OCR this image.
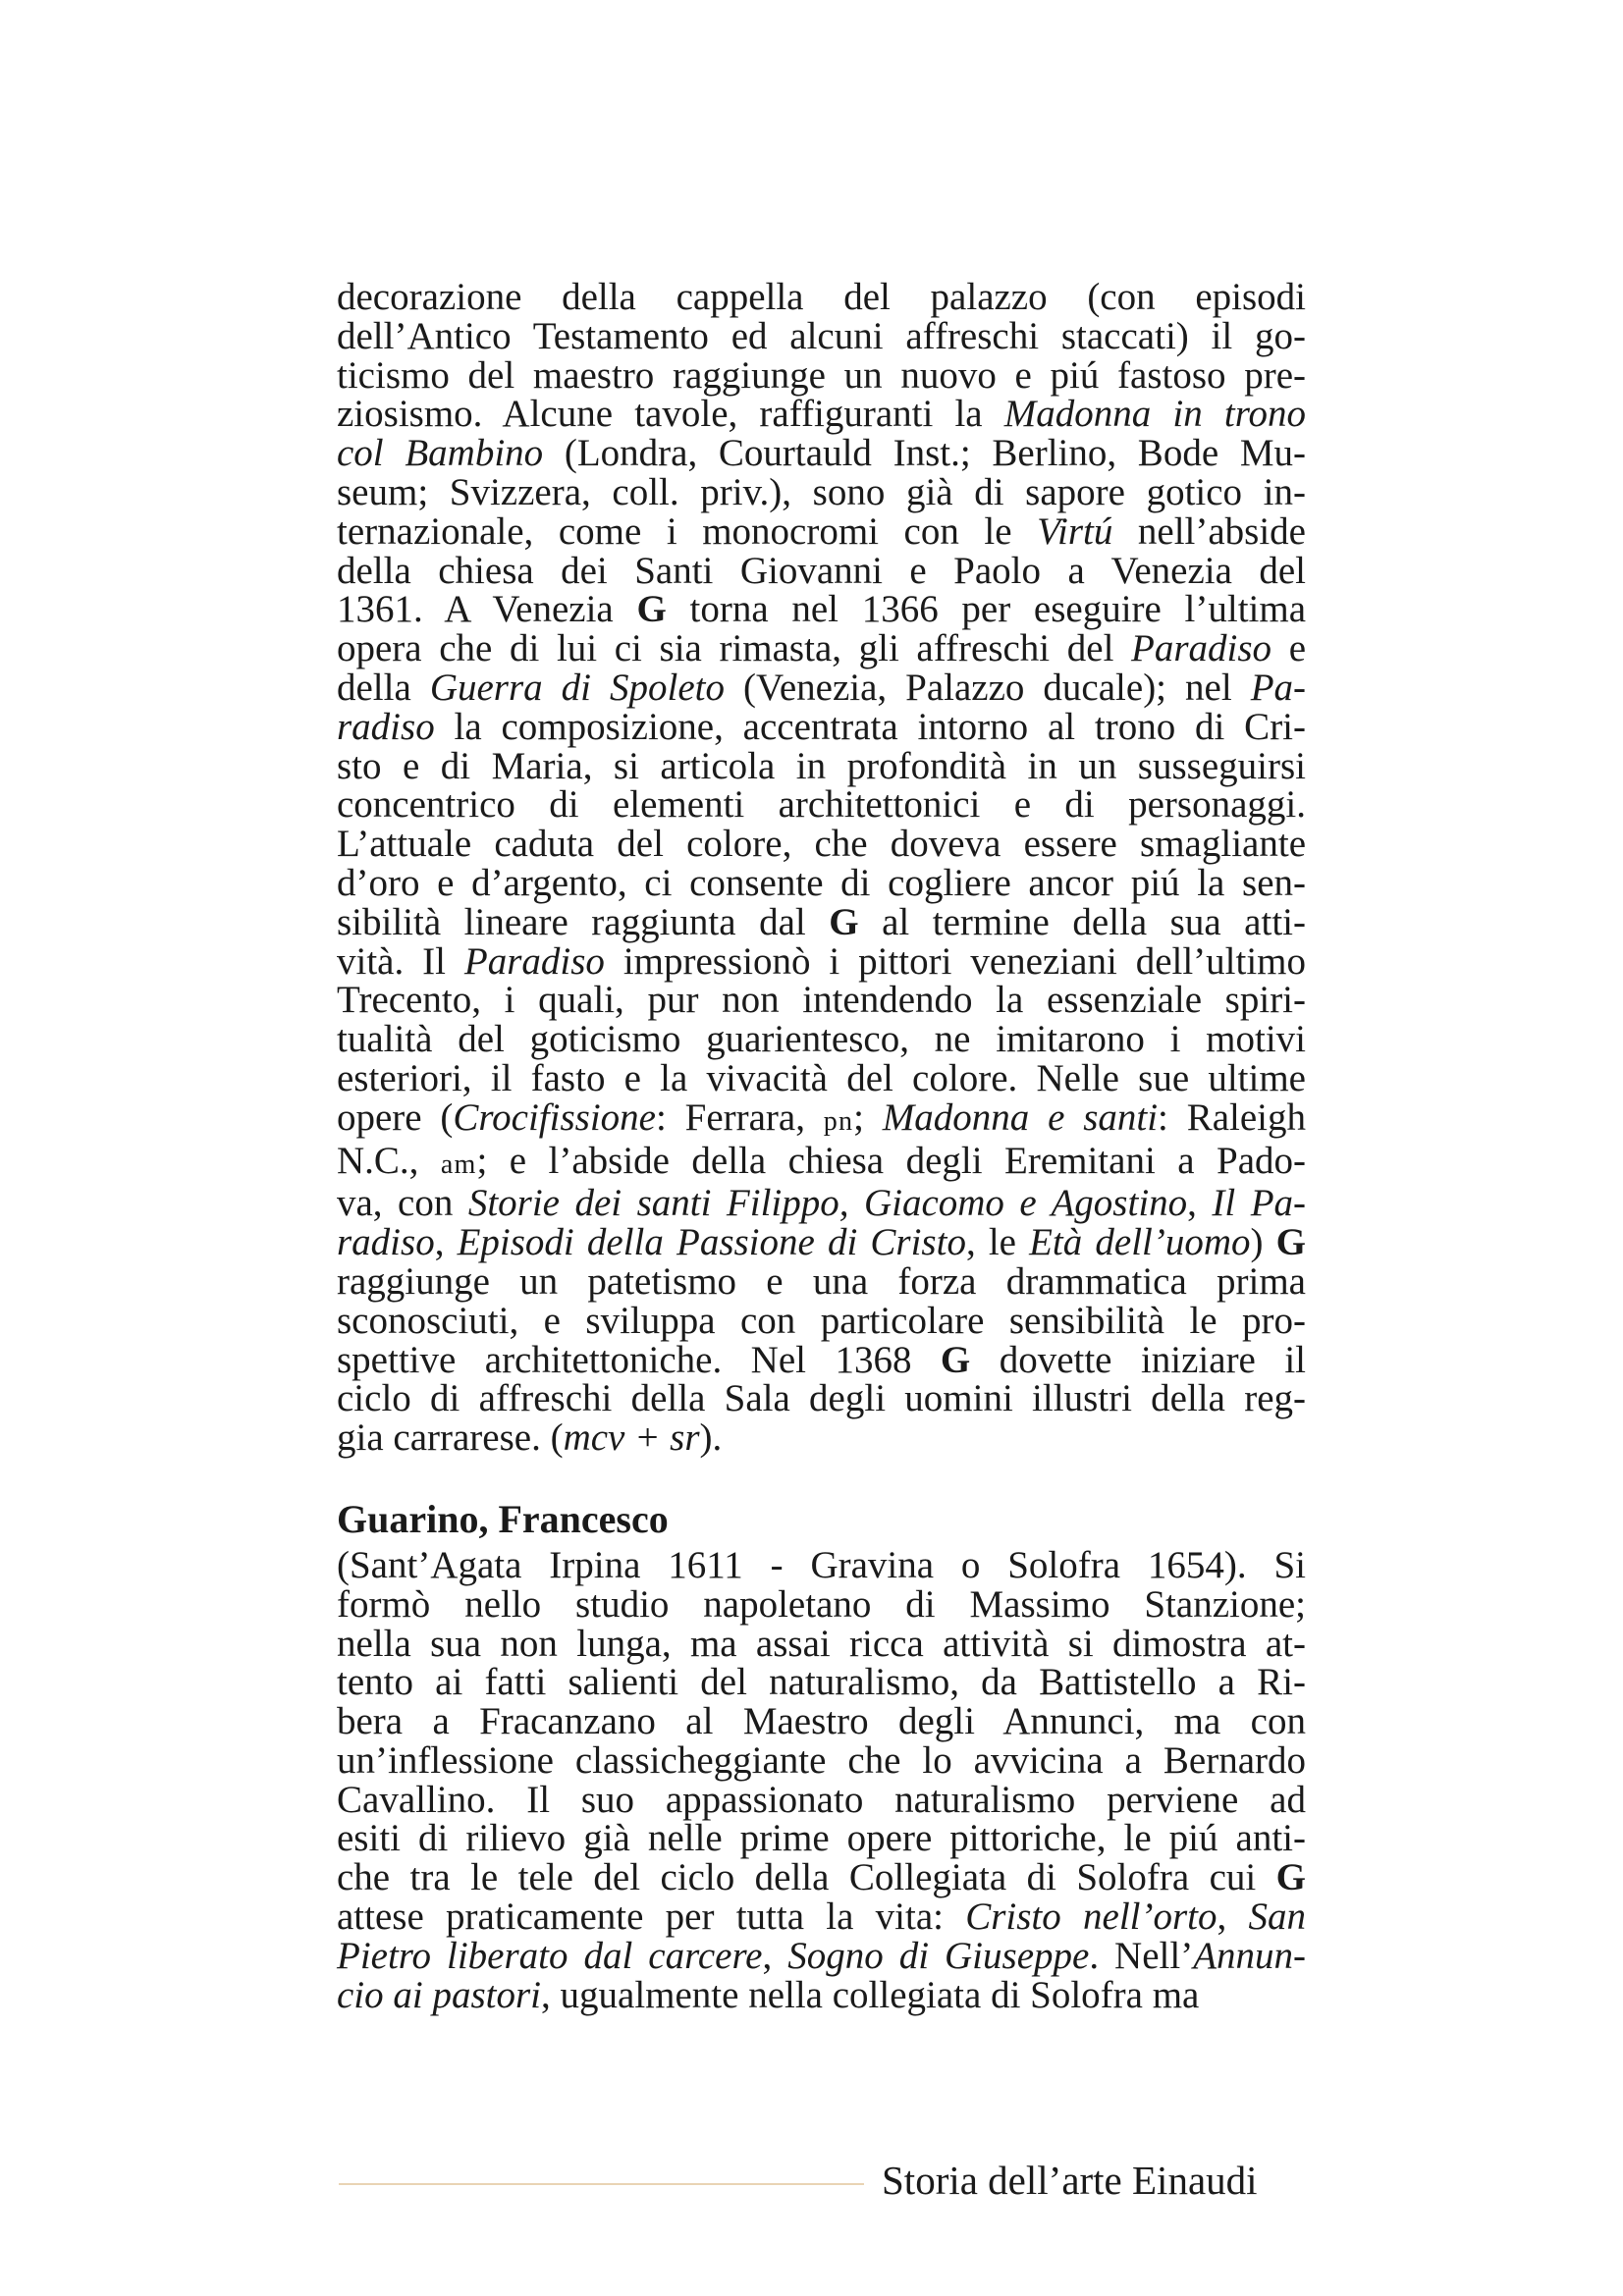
decorazione della cappella del palazzo (con episodi
dell’Antico Testamento ed alcuni affreschi staccati) il go-
ticismo del maestro raggiunge un nuovo e piú fastoso pre-
ziosismo. Alcune tavole, raffiguranti la Madonna in trono
col Bambino (Londra, Courtauld Inst.; Berlino, Bode Mu-
seum; Svizzera, coll. priv.), sono già di sapore gotico in-
ternazionale, come i monocromi con le Virtú nell’abside
della chiesa dei Santi Giovanni e Paolo a Venezia del
1361. A Venezia G torna nel 1366 per eseguire l’ultima
opera che di lui ci sia rimasta, gli affreschi del Paradiso e
della Guerra di Spoleto (Venezia, Palazzo ducale); nel Pa-
radiso la composizione, accentrata intorno al trono di Cri-
sto e di Maria, si articola in profondità in un susseguirsi
concentrico di elementi architettonici e di personaggi.
L’attuale caduta del colore, che doveva essere smagliante
d’oro e d’argento, ci consente di cogliere ancor piú la sen-
sibilità lineare raggiunta dal G al termine della sua atti-
vità. Il Paradiso impressionò i pittori veneziani dell’ultimo
Trecento, i quali, pur non intendendo la essenziale spiri-
tualità del goticismo guarientesco, ne imitarono i motivi
esteriori, il fasto e la vivacità del colore. Nelle sue ultime
opere (Crocifissione: Ferrara, pn; Madonna e santi: Raleigh
N.C., am; e l’abside della chiesa degli Eremitani a Pado-
va, con Storie dei santi Filippo, Giacomo e Agostino, Il Pa-
radiso, Episodi della Passione di Cristo, le Età dell’uomo) G
raggiunge un patetismo e una forza drammatica prima
sconosciuti, e sviluppa con particolare sensibilità le pro-
spettive architettoniche. Nel 1368 G dovette iniziare il
ciclo di affreschi della Sala degli uomini illustri della reg-
gia carrarese. (mcv + sr).

Guarino, Francesco

(Sant’Agata Irpina 1611 - Gravina o Solofra 1654). Si
formò nello studio napoletano di Massimo Stanzione;
nella sua non lunga, ma assai ricca attività si dimostra at-
tento ai fatti salienti del naturalismo, da Battistello a Ri-
bera a Fracanzano al Maestro degli Annunci, ma con
un’inflessione classicheggiante che lo avvicina a Bernardo
Cavallino. Il suo appassionato naturalismo perviene ad
esiti di rilievo già nelle prime opere pittoriche, le piú anti-
che tra le tele del ciclo della Collegiata di Solofra cui G
attese praticamente per tutta la vita: Cristo nell’orto, San
Pietro liberato dal carcere, Sogno di Giuseppe. Nell’Annun-
cio ai pastori, ugualmente nella collegiata di Solofra ma

Storia dell’arte Einaudi
